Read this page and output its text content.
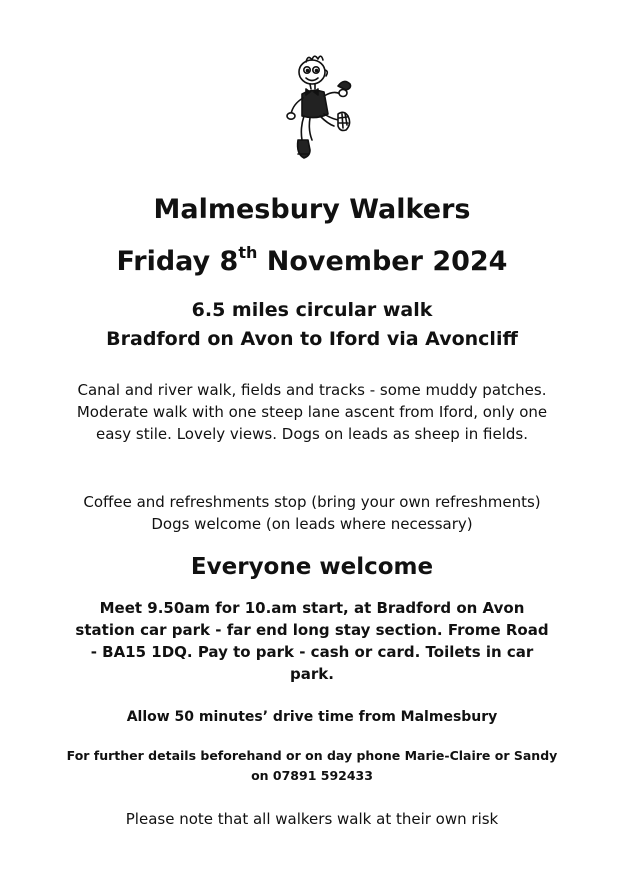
Malmesbury Walkers
Friday 8th November 2024
6.5 miles circular walk
Bradford on Avon to Iford via Avoncliff

Canal and river walk, fields and tracks - some muddy patches. Moderate walk with one steep lane ascent from Iford, only one easy stile. Lovely views. Dogs on leads as sheep in fields.

Coffee and refreshments stop (bring your own refreshments)
Dogs welcome (on leads where necessary)
Everyone welcome

Meet 9.50am for 10.am start, at Bradford on Avon station car park - far end long stay section. Frome Road - BA15 1DQ. Pay to park - cash or card. Toilets in car park.

Allow 50 minutes’ drive time from Malmesbury

For further details beforehand or on day phone Marie-Claire or Sandy on 07891 592433

Please note that all walkers walk at their own risk
